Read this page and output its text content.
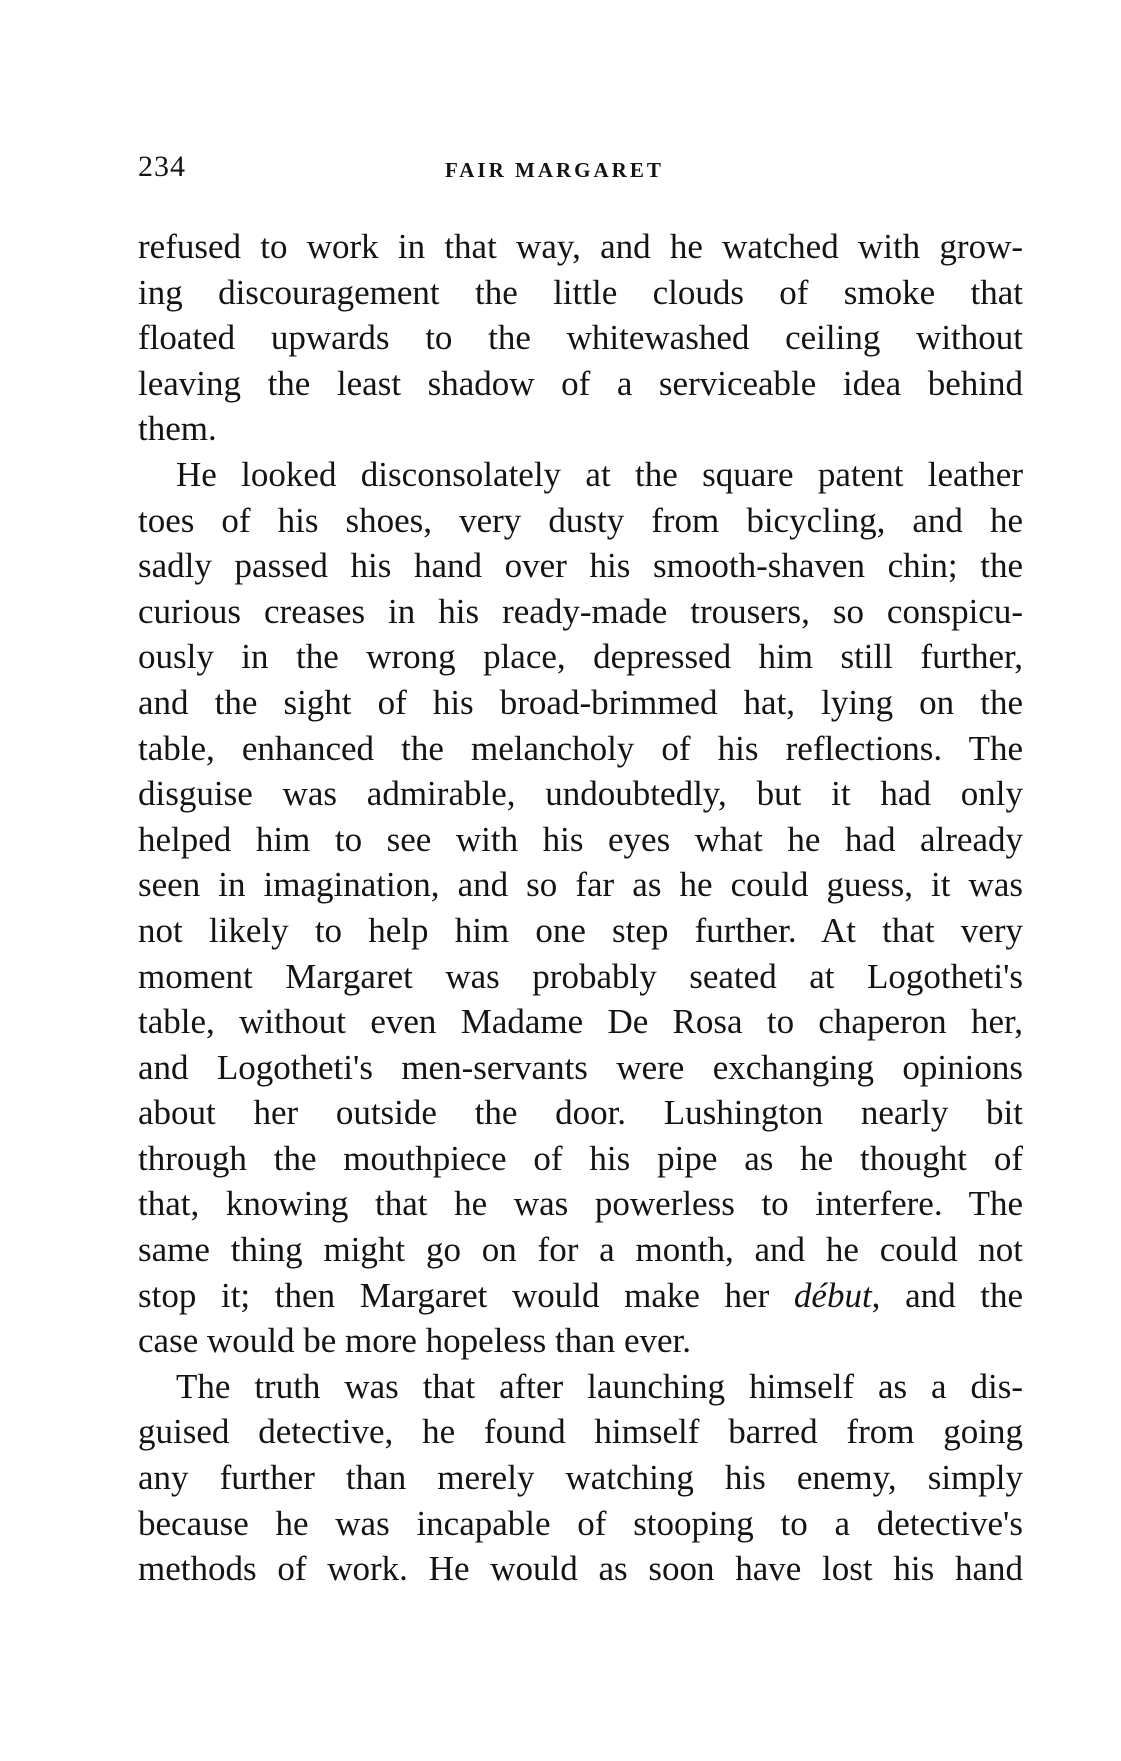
234	FAIR MARGARET
refused to work in that way, and he watched with grow-
ing discouragement the little clouds of smoke that
floated upwards to the whitewashed ceiling without
leaving the least shadow of a serviceable idea behind
them.
He looked disconsolately at the square patent leather
toes of his shoes, very dusty from bicycling, and he
sadly passed his hand over his smooth-shaven chin; the
curious creases in his ready-made trousers, so conspicu-
ously in the wrong place, depressed him still further,
and the sight of his broad-brimmed hat, lying on the
table, enhanced the melancholy of his reflections. The
disguise was admirable, undoubtedly, but it had only
helped him to see with his eyes what he had already
seen in imagination, and so far as he could guess, it was
not likely to help him one step further. At that very
moment Margaret was probably seated at Logotheti's
table, without even Madame De Rosa to chaperon her,
and Logotheti's men-servants were exchanging opinions
about her outside the door. Lushington nearly bit
through the mouthpiece of his pipe as he thought of
that, knowing that he was powerless to interfere. The
same thing might go on for a month, and he could not
stop it; then Margaret would make her début, and the
case would be more hopeless than ever.
The truth was that after launching himself as a dis-
guised detective, he found himself barred from going
any further than merely watching his enemy, simply
because he was incapable of stooping to a detective's
methods of work. He would as soon have lost his hand
